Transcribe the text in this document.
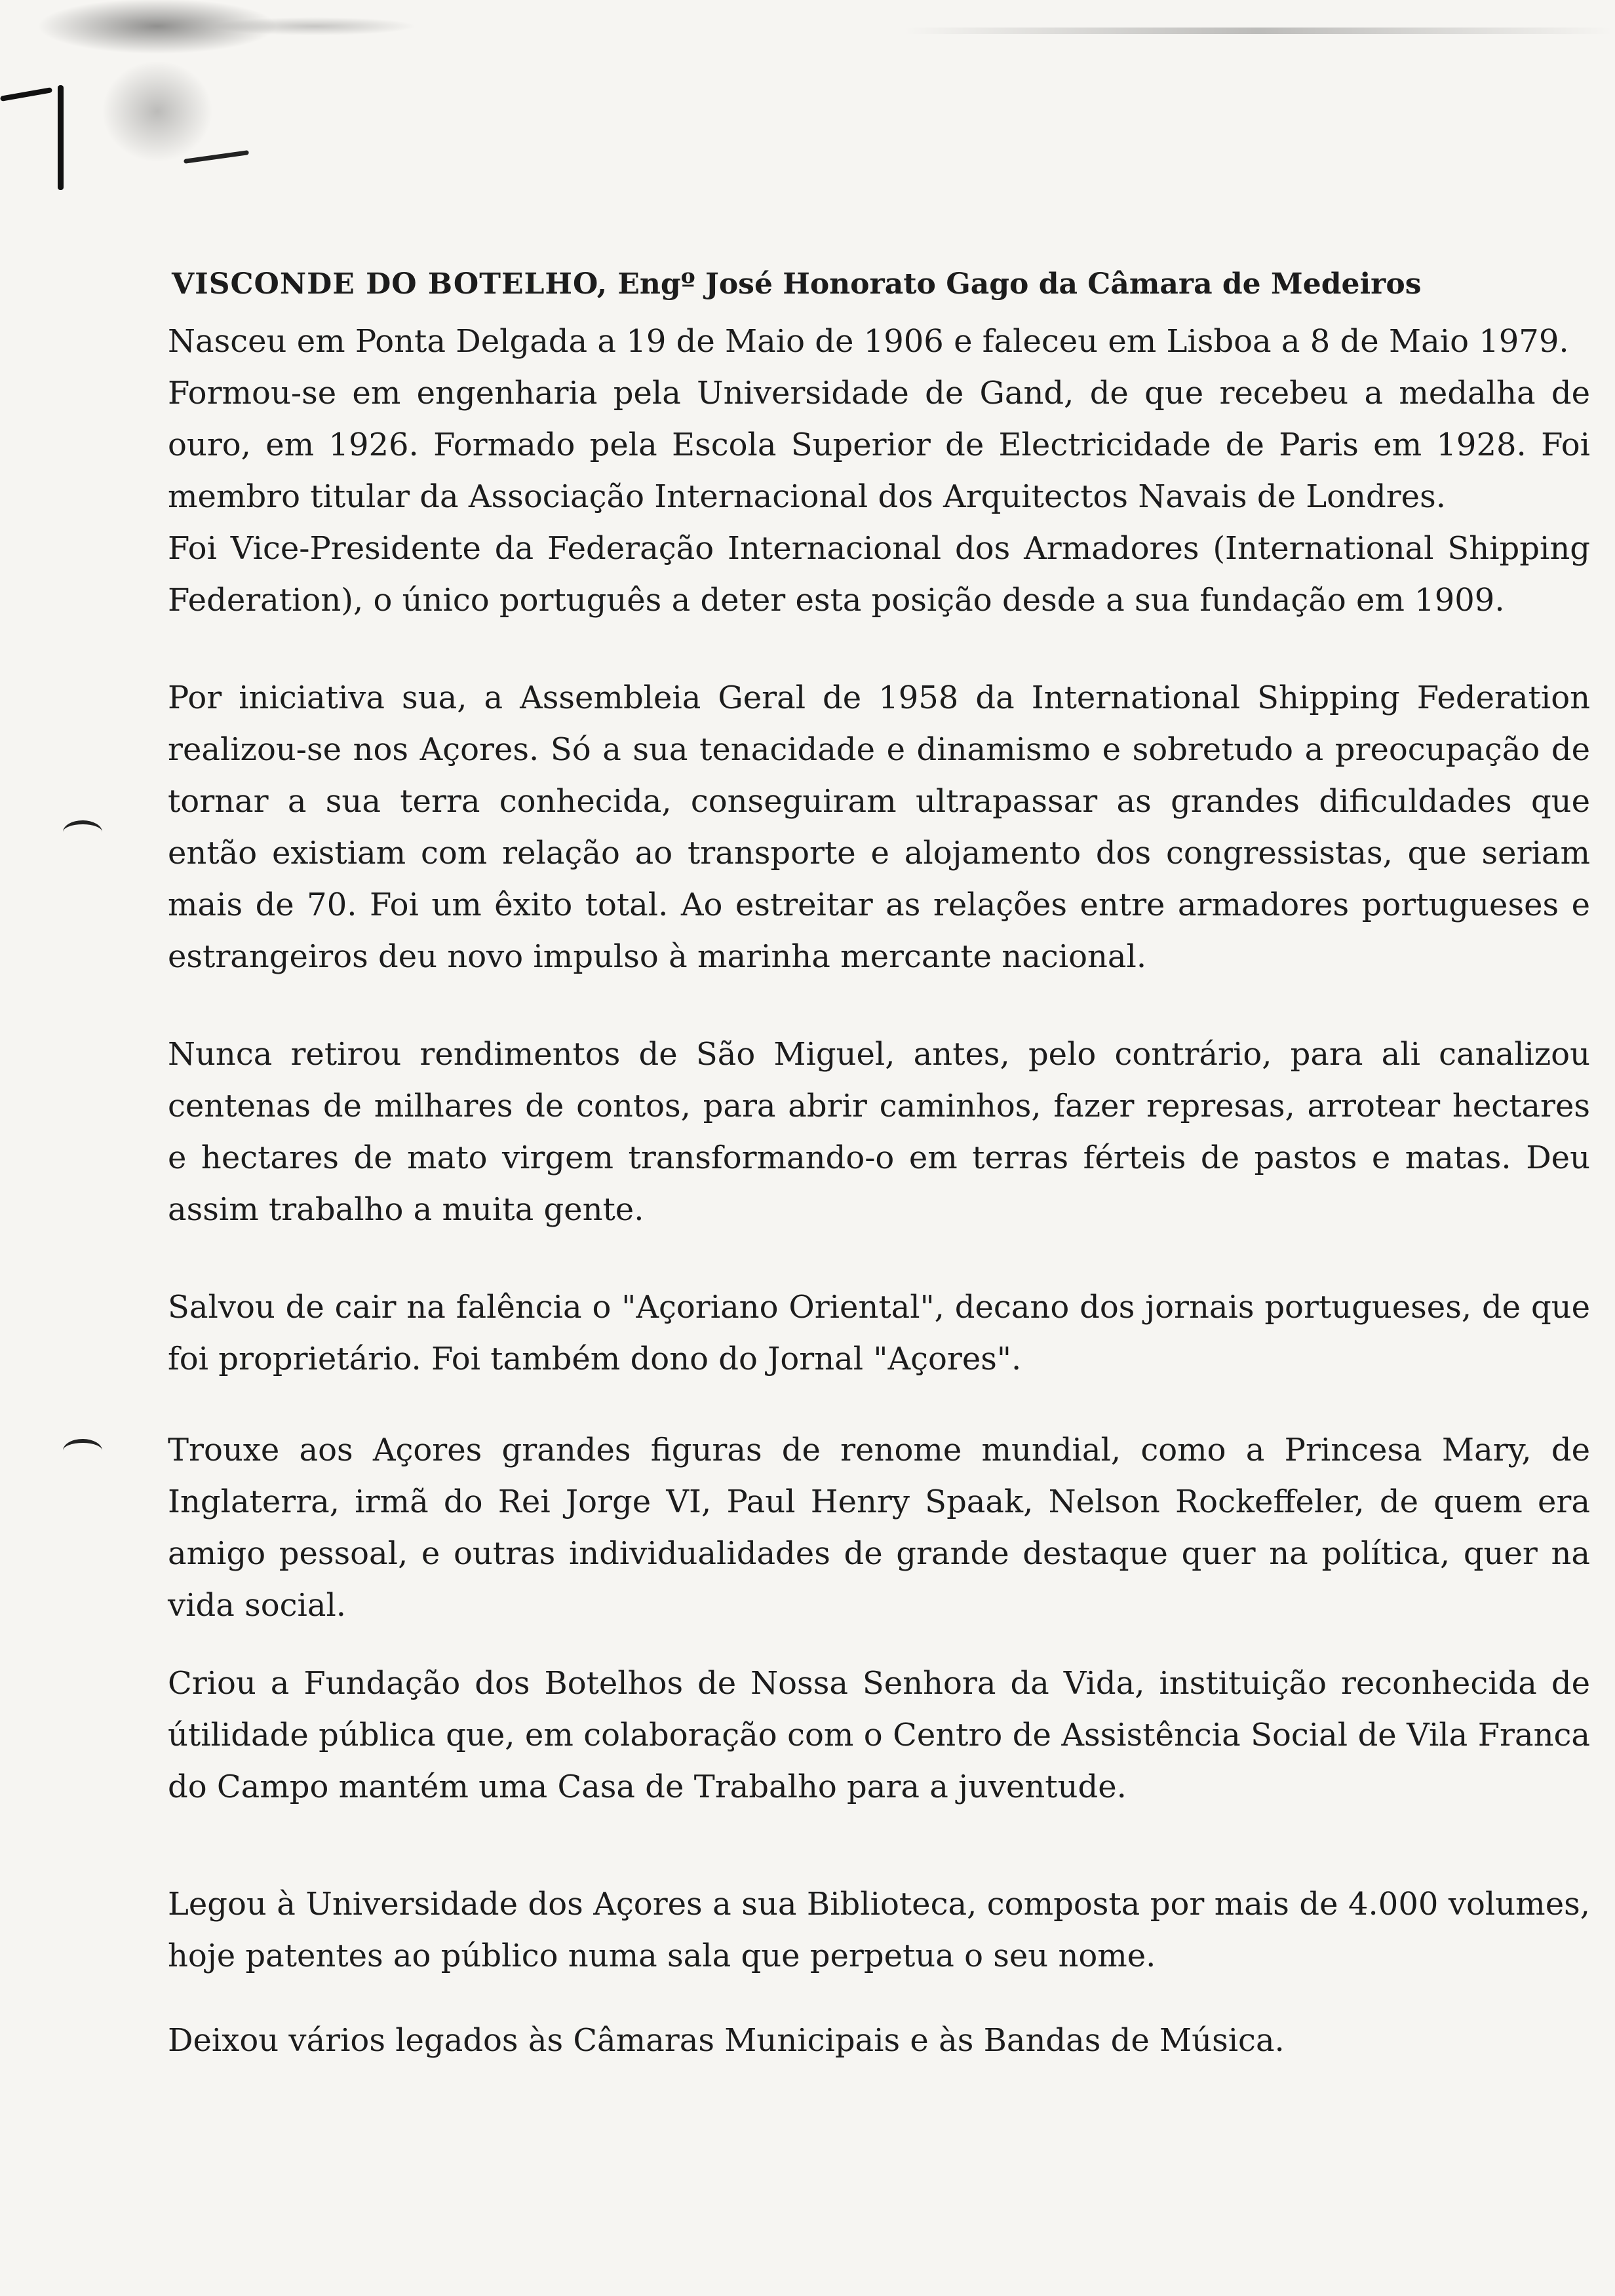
VISCONDE DO BOTELHO, Engº José Honorato Gago da Câmara de Medeiros

Nasceu em Ponta Delgada a 19 de Maio de 1906 e faleceu em Lisboa a 8 de Maio 1979.

Formou-se em engenharia pela Universidade de Gand, de que recebeu a medalha de ouro, em 1926. Formado pela Escola Superior de Electricidade de Paris em 1928. Foi membro titular da Associação Internacional dos Arquitectos Navais de Londres.

Foi Vice-Presidente da Federação Internacional dos Armadores (International Shipping Federation), o único português a deter esta posição desde a sua fundação em 1909.

Por iniciativa sua, a Assembleia Geral de 1958 da International Shipping Federation realizou-se nos Açores. Só a sua tenacidade e dinamismo e sobretudo a preocupação de tornar a sua terra conhecida, conseguiram ultrapassar as grandes dificuldades que então existiam com relação ao transporte e alojamento dos congressistas, que seriam mais de 70. Foi um êxito total. Ao estreitar as relações entre armadores portugueses e estrangeiros deu novo impulso à marinha mercante nacional.

Nunca retirou rendimentos de São Miguel, antes, pelo contrário, para ali canalizou centenas de milhares de contos, para abrir caminhos, fazer represas, arrotear hectares e hectares de mato virgem transformando-o em terras férteis de pastos e matas. Deu assim trabalho a muita gente.

Salvou de cair na falência o "Açoriano Oriental", decano dos jornais portugueses, de que foi proprietário. Foi também dono do Jornal "Açores".

Trouxe aos Açores grandes figuras de renome mundial, como a Princesa Mary, de Inglaterra, irmã do Rei Jorge VI, Paul Henry Spaak, Nelson Rockeffeler, de quem era amigo pessoal, e outras individualidades de grande destaque quer na política, quer na vida social.

Criou a Fundação dos Botelhos de Nossa Senhora da Vida, instituição reconhecida de útilidade pública que, em colaboração com o Centro de Assistência Social de Vila Franca do Campo mantém uma Casa de Trabalho para a juventude.

Legou à Universidade dos Açores a sua Biblioteca, composta por mais de 4.000 volumes, hoje patentes ao público numa sala que perpetua o seu nome.

Deixou vários legados às Câmaras Municipais e às Bandas de Música.
